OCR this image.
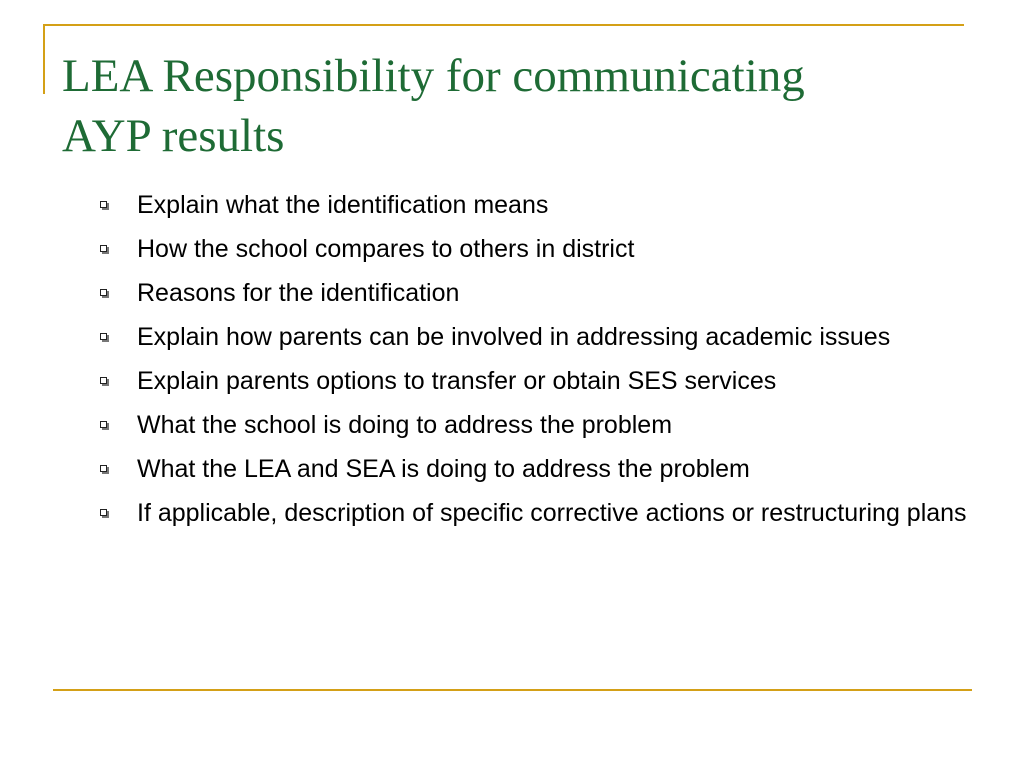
LEA Responsibility for communicating
AYP results
Explain what the identification means
How the school compares to others in district
Reasons for the identification
Explain how parents can be involved in addressing academic issues
Explain parents options to transfer or obtain SES services
What the school is doing to address the problem
What the LEA and SEA is doing to address the problem
If applicable, description of specific corrective actions or restructuring plans
